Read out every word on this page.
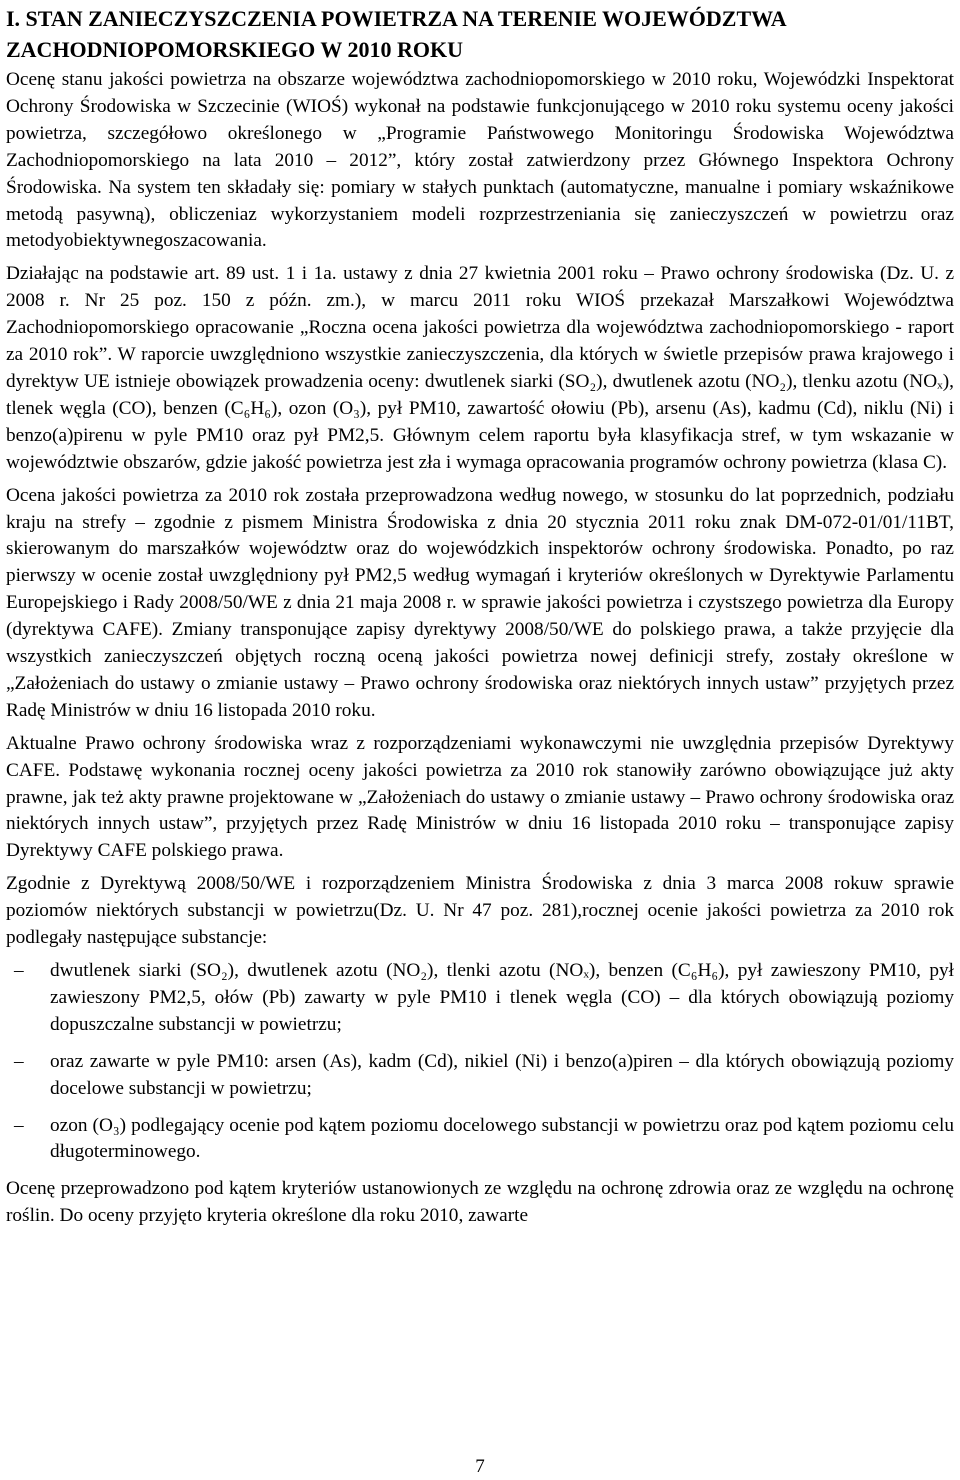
I. STAN ZANIECZYSZCZENIA POWIETRZA NA TERENIE WOJEWÓDZTWA ZACHODNIOPOMORSKIEGO W 2010 ROKU

Ocenę stanu jakości powietrza na obszarze województwa zachodniopomorskiego w 2010 roku, Wojewódzki Inspektorat Ochrony Środowiska w Szczecinie (WIOŚ) wykonał na podstawie funkcjonującego w 2010 roku systemu oceny jakości powietrza, szczegółowo określonego w „Programie Państwowego Monitoringu Środowiska Województwa Zachodniopomorskiego na lata 2010 – 2012”, który został zatwierdzony przez Głównego Inspektora Ochrony Środowiska. Na system ten składały się: pomiary w stałych punktach (automatyczne, manualne i pomiary wskaźnikowe metodą pasywną), obliczeniaz wykorzystaniem modeli rozprzestrzeniania się zanieczyszczeń w powietrzu oraz metodyobiektywnegoszacowania.

Działając na podstawie art. 89 ust. 1 i 1a. ustawy z dnia 27 kwietnia 2001 roku – Prawo ochrony środowiska (Dz. U. z 2008 r. Nr 25 poz. 150 z późn. zm.), w marcu 2011 roku WIOŚ przekazał Marszałkowi Województwa Zachodniopomorskiego opracowanie „Roczna ocena jakości powietrza dla województwa zachodniopomorskiego - raport za 2010 rok”. W raporcie uwzględniono wszystkie zanieczyszczenia, dla których w świetle przepisów prawa krajowego i dyrektyw UE istnieje obowiązek prowadzenia oceny: dwutlenek siarki (SO₂), dwutlenek azotu (NO₂), tlenku azotu (NOₓ), tlenek węgla (CO), benzen (C₆H₆), ozon (O₃), pył PM10, zawartość ołowiu (Pb), arsenu (As), kadmu (Cd), niklu (Ni) i benzo(a)pirenu w pyle PM10 oraz pył PM2,5. Głównym celem raportu była klasyfikacja stref, w tym wskazanie w województwie obszarów, gdzie jakość powietrza jest zła i wymaga opracowania programów ochrony powietrza (klasa C).

Ocena jakości powietrza za 2010 rok została przeprowadzona według nowego, w stosunku do lat poprzednich, podziału kraju na strefy – zgodnie z pismem Ministra Środowiska z dnia 20 stycznia 2011 roku znak DM-072-01/01/11BT, skierowanym do marszałków województw oraz do wojewódzkich inspektorów ochrony środowiska. Ponadto, po raz pierwszy w ocenie został uwzględniony pył PM2,5 według wymagań i kryteriów określonych w Dyrektywie Parlamentu Europejskiego i Rady 2008/50/WE z dnia 21 maja 2008 r. w sprawie jakości powietrza i czystszego powietrza dla Europy (dyrektywa CAFE). Zmiany transponujące zapisy dyrektywy 2008/50/WE do polskiego prawa, a także przyjęcie dla wszystkich zanieczyszczeń objętych roczną oceną jakości powietrza nowej definicji strefy, zostały określone w „Założeniach do ustawy o zmianie ustawy – Prawo ochrony środowiska oraz niektórych innych ustaw” przyjętych przez Radę Ministrów w dniu 16 listopada 2010 roku.

Aktualne Prawo ochrony środowiska wraz z rozporządzeniami wykonawczymi nie uwzględnia przepisów Dyrektywy CAFE. Podstawę wykonania rocznej oceny jakości powietrza za 2010 rok stanowiły zarówno obowiązujące już akty prawne, jak też akty prawne projektowane w „Założeniach do ustawy o zmianie ustawy – Prawo ochrony środowiska oraz niektórych innych ustaw”, przyjętych przez Radę Ministrów w dniu 16 listopada 2010 roku – transponujące zapisy Dyrektywy CAFE polskiego prawa.

Zgodnie z Dyrektywą 2008/50/WE i rozporządzeniem Ministra Środowiska z dnia 3 marca 2008 rokuw sprawie poziomów niektórych substancji w powietrzu(Dz. U. Nr 47 poz. 281),rocznej ocenie jakości powietrza za 2010 rok podlegały następujące substancje:

– dwutlenek siarki (SO₂), dwutlenek azotu (NO₂), tlenki azotu (NOₓ), benzen (C₆H₆), pył zawieszony PM10, pył zawieszony PM2,5, ołów (Pb) zawarty w pyle PM10 i tlenek węgla (CO) – dla których obowiązują poziomy dopuszczalne substancji w powietrzu;
– oraz zawarte w pyle PM10: arsen (As), kadm (Cd), nikiel (Ni) i benzo(a)piren – dla których obowiązują poziomy docelowe substancji w powietrzu;
– ozon (O₃) podlegający ocenie pod kątem poziomu docelowego substancji w powietrzu oraz pod kątem poziomu celu długoterminowego.

Ocenę przeprowadzono pod kątem kryteriów ustanowionych ze względu na ochronę zdrowia oraz ze względu na ochronę roślin. Do oceny przyjęto kryteria określone dla roku 2010, zawarte

7
